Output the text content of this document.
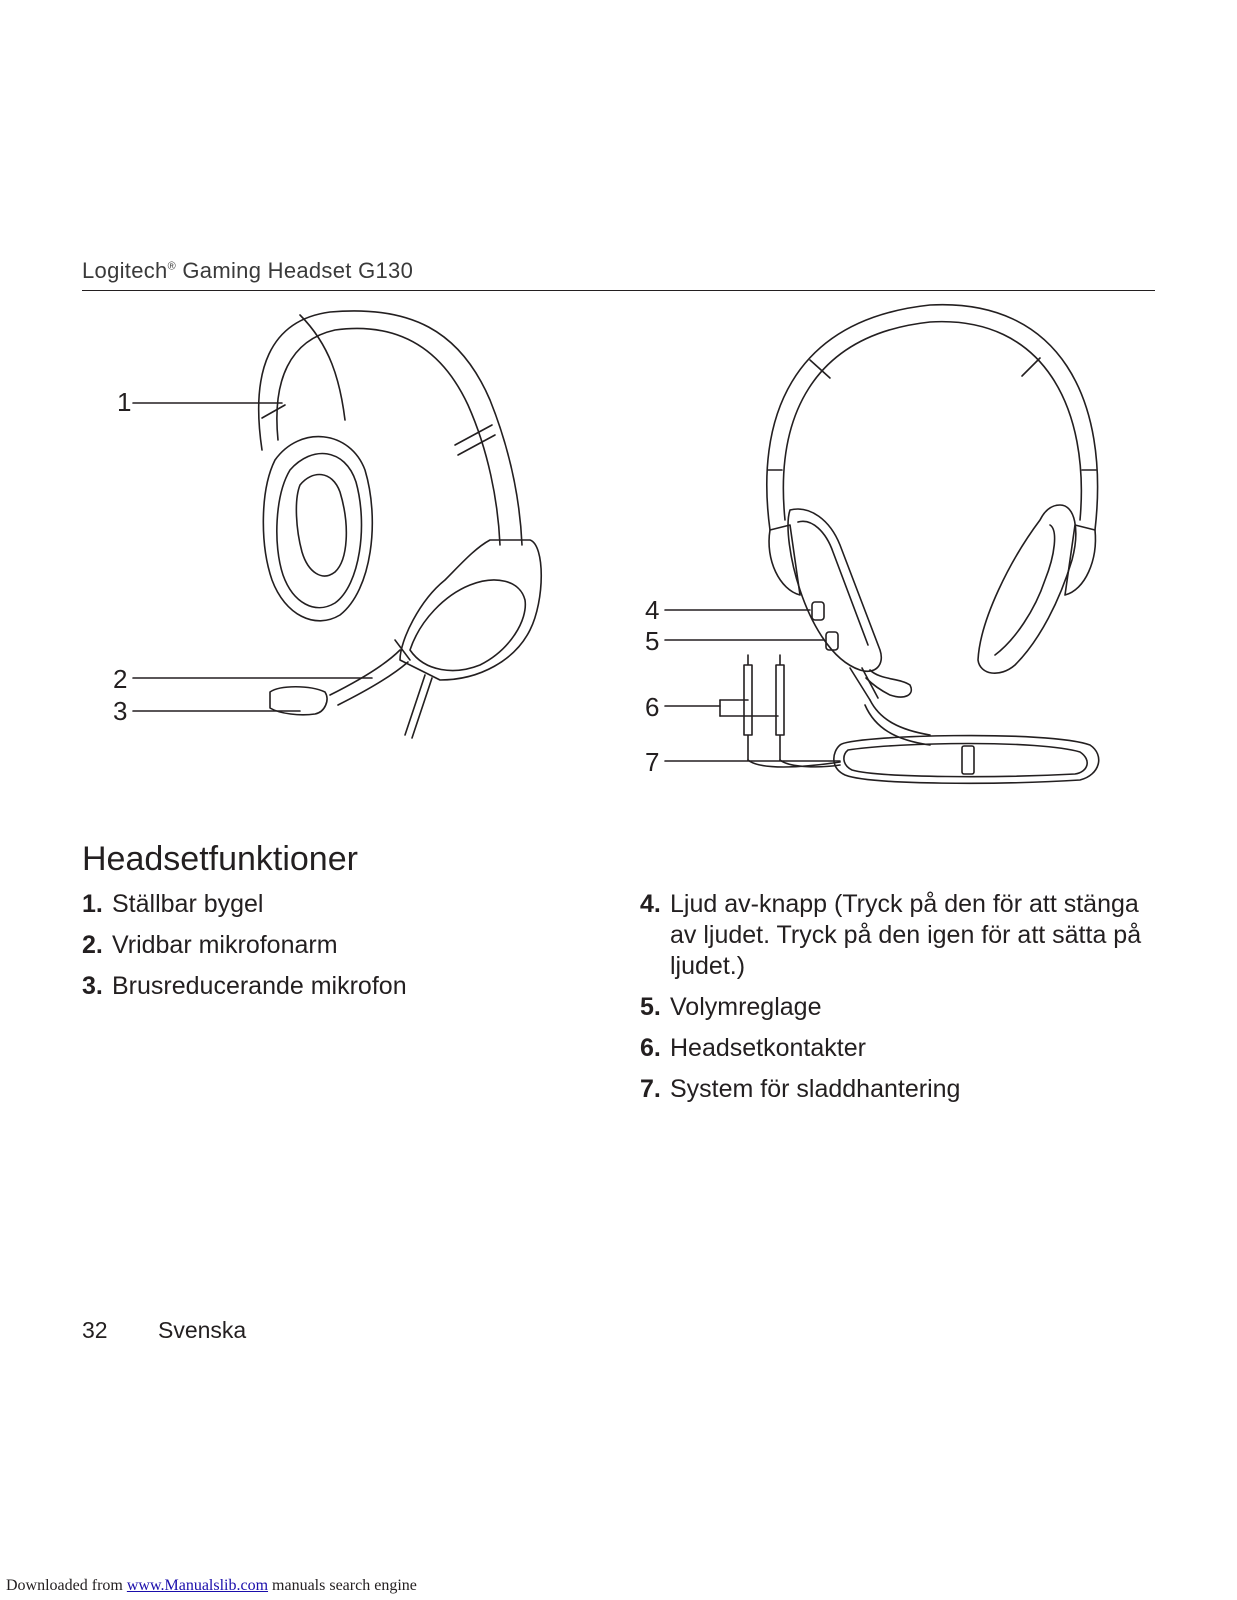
Logitech® Gaming Headset G130
1
2
3
4
5
6
7
Headsetfunktioner
1. Ställbar bygel
2. Vridbar mikrofonarm
3. Brusreducerande mikrofon
4. Ljud av-knapp (Tryck på den för att stänga av ljudet. Tryck på den igen för att sätta på ljudet.)
5. Volymreglage
6. Headsetkontakter
7. System för sladdhantering
32 Svenska
Downloaded from www.Manualslib.com manuals search engine
